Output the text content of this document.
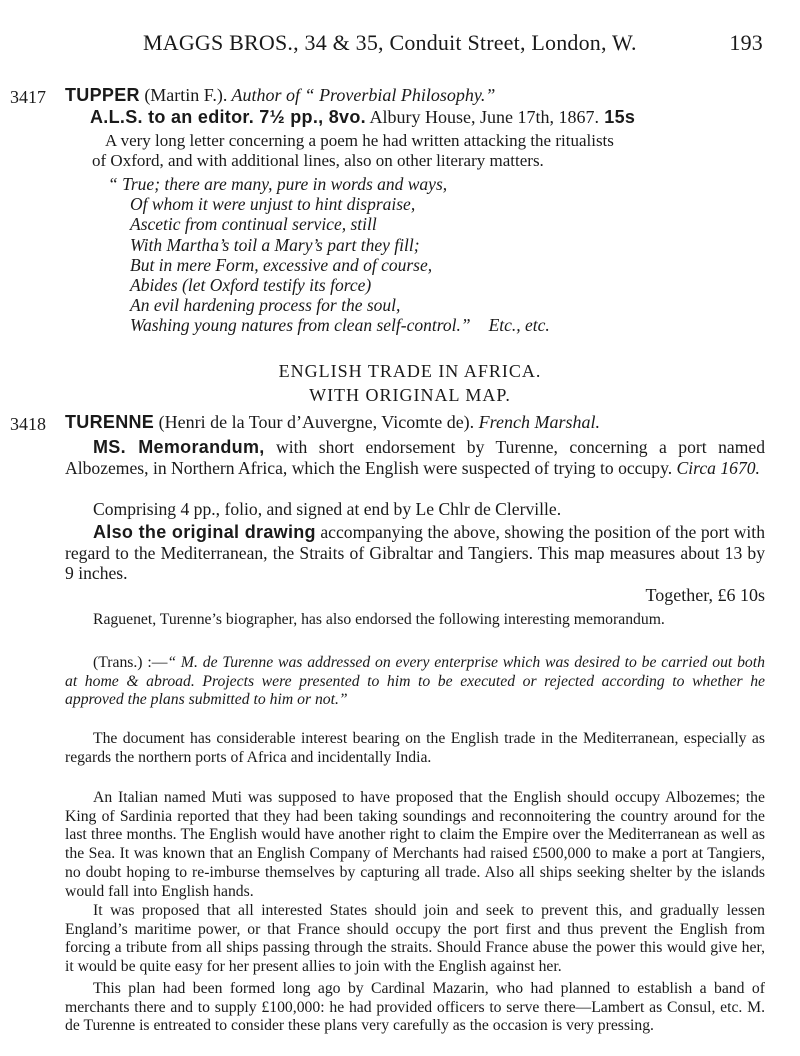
MAGGS BROS., 34 & 35, Conduit Street, London, W.	193
3417 TUPPER (Martin F.). Author of “ Proverbial Philosophy.”
A.L.S. to an editor. 7½ pp., 8vo. Albury House, June 17th, 1867. 15s
A very long letter concerning a poem he had written attacking the ritualists
of Oxford, and with additional lines, also on other literary matters.
“ True; there are many, pure in words and ways,
Of whom it were unjust to hint dispraise,
Ascetic from continual service, still
With Martha’s toil a Mary’s part they fill;
But in mere Form, excessive and of course,
Abides (let Oxford testify its force)
An evil hardening process for the soul,
Washing young natures from clean self-control.” Etc., etc.
ENGLISH TRADE IN AFRICA.
WITH ORIGINAL MAP.
3418 TURENNE (Henri de la Tour d’Auvergne, Vicomte de). French Marshal.
MS. Memorandum, with short endorsement by Turenne, concerning a port named Albozemes, in Northern Africa, which the English were suspected of trying to occupy. Circa 1670.
Comprising 4 pp., folio, and signed at end by Le Chlr de Clerville.
Also the original drawing accompanying the above, showing the position of the port with regard to the Mediterranean, the Straits of Gibraltar and Tangiers. This map measures about 13 by 9 inches.
Together, £6 10s
Raguenet, Turenne’s biographer, has also endorsed the following interesting memorandum.
(Trans.) :—“ M. de Turenne was addressed on every enterprise which was desired to be carried out both at home & abroad. Projects were presented to him to be executed or rejected according to whether he approved the plans submitted to him or not.”
The document has considerable interest bearing on the English trade in the Mediterranean, especially as regards the northern ports of Africa and incidentally India.
An Italian named Muti was supposed to have proposed that the English should occupy Albozemes; the King of Sardinia reported that they had been taking soundings and reconnoitering the country around for the last three months. The English would have another right to claim the Empire over the Mediterranean as well as the Sea. It was known that an English Company of Merchants had raised £500,000 to make a port at Tangiers, no doubt hoping to re-imburse themselves by capturing all trade. Also all ships seeking shelter by the islands would fall into English hands.
It was proposed that all interested States should join and seek to prevent this, and gradually lessen England’s maritime power, or that France should occupy the port first and thus prevent the English from forcing a tribute from all ships passing through the straits. Should France abuse the power this would give her, it would be quite easy for her present allies to join with the English against her.
This plan had been formed long ago by Cardinal Mazarin, who had planned to establish a band of merchants there and to supply £100,000: he had provided officers to serve there—Lambert as Consul, etc. M. de Turenne is entreated to consider these plans very carefully as the occasion is very pressing.
